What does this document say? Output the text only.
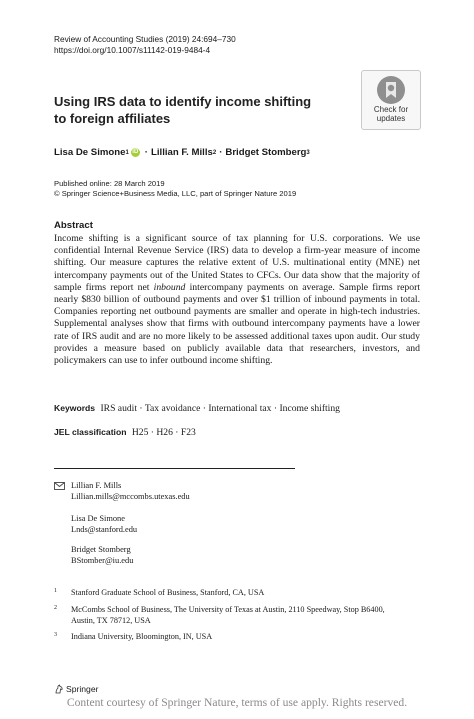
Review of Accounting Studies (2019) 24:694–730
https://doi.org/10.1007/s11142-019-9484-4
Using IRS data to identify income shifting
to foreign affiliates
Check for
updates
Lisa De Simone 1 iD · Lillian F. Mills 2 · Bridget Stomberg 3
Published online: 28 March 2019
© Springer Science+Business Media, LLC, part of Springer Nature 2019
Abstract
Income shifting is a significant source of tax planning for U.S. corporations. We use confidential Internal Revenue Service (IRS) data to develop a firm-year measure of income shifting. Our measure captures the relative extent of U.S. multinational entity (MNE) net intercompany payments out of the United States to CFCs. Our data show that the majority of sample firms report net inbound intercompany payments on average. Sample firms report nearly $830 billion of outbound payments and over $1 trillion of inbound payments in total. Companies reporting net outbound payments are smaller and operate in high-tech industries. Supplemental analyses show that firms with outbound intercompany payments have a lower rate of IRS audit and are no more likely to be assessed additional taxes upon audit. Our study provides a measure based on publicly available data that researchers, investors, and policymakers can use to infer outbound income shifting.
Keywords IRS audit · Tax avoidance · International tax · Income shifting
JEL classification H25 · H26 · F23
Lillian F. Mills
Lillian.mills@mccombs.utexas.edu
Lisa De Simone
Lnds@stanford.edu
Bridget Stomberg
BStomber@iu.edu
1 Stanford Graduate School of Business, Stanford, CA, USA
2 McCombs School of Business, The University of Texas at Austin, 2110 Speedway, Stop B6400,
Austin, TX 78712, USA
3 Indiana University, Bloomington, IN, USA
Springer
Content courtesy of Springer Nature, terms of use apply. Rights reserved.
